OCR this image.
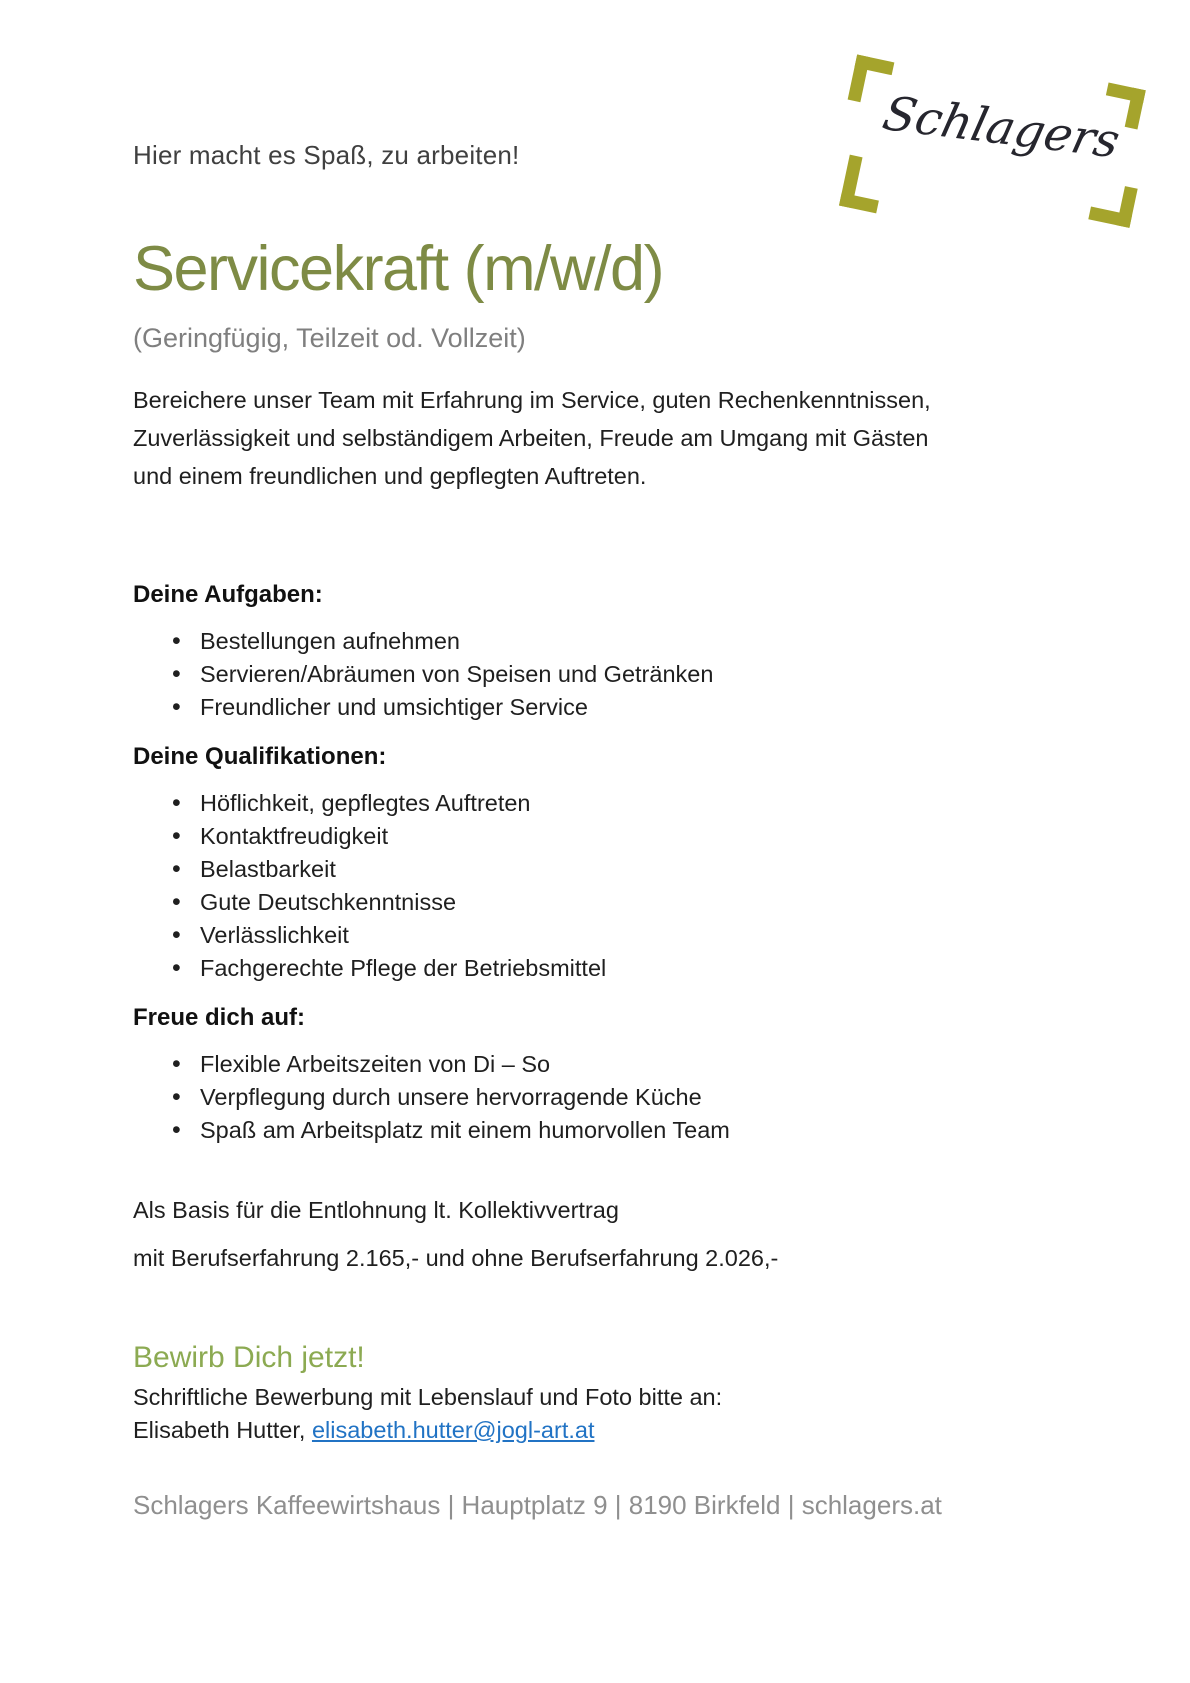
Schlagers
Hier macht es Spaß, zu arbeiten!
Servicekraft (m/w/d)
(Geringfügig, Teilzeit od. Vollzeit)
Bereichere unser Team mit Erfahrung im Service, guten Rechenkenntnissen,
Zuverlässigkeit und selbständigem Arbeiten, Freude am Umgang mit Gästen
und einem freundlichen und gepflegten Auftreten.
Deine Aufgaben:
• Bestellungen aufnehmen
• Servieren/Abräumen von Speisen und Getränken
• Freundlicher und umsichtiger Service
Deine Qualifikationen:
• Höflichkeit, gepflegtes Auftreten
• Kontaktfreudigkeit
• Belastbarkeit
• Gute Deutschkenntnisse
• Verlässlichkeit
• Fachgerechte Pflege der Betriebsmittel
Freue dich auf:
• Flexible Arbeitszeiten von Di – So
• Verpflegung durch unsere hervorragende Küche
• Spaß am Arbeitsplatz mit einem humorvollen Team

Als Basis für die Entlohnung lt. Kollektivvertrag

mit Berufserfahrung 2.165,- und ohne Berufserfahrung 2.026,-

Bewirb Dich jetzt!
Schriftliche Bewerbung mit Lebenslauf und Foto bitte an:
Elisabeth Hutter, elisabeth.hutter@jogl-art.at
Schlagers Kaffeewirtshaus | Hauptplatz 9 | 8190 Birkfeld | schlagers.at
